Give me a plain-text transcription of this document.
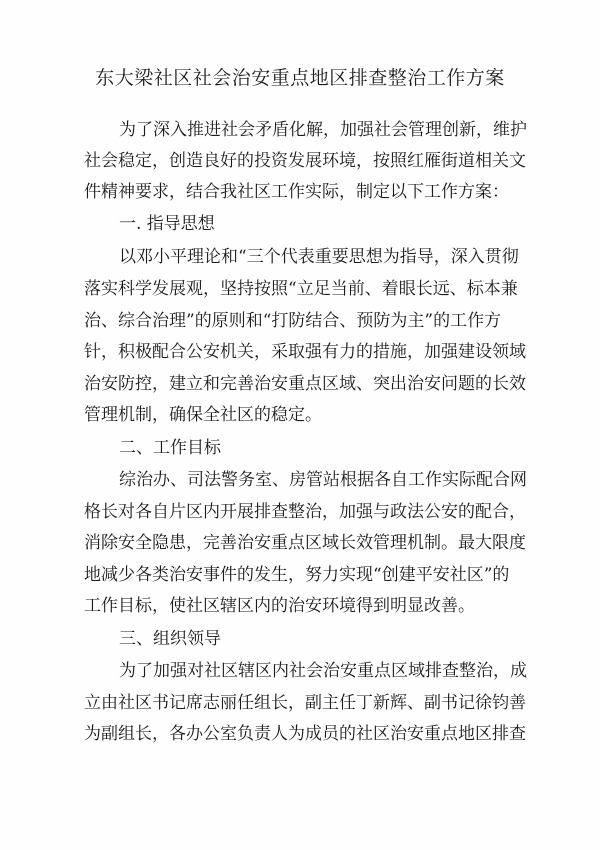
东大梁社区社会治安重点地区排查整治工作方案

为了深入推进社会矛盾化解，加强社会管理创新，维护

社会稳定，创造良好的投资发展环境，按照红雁街道相关文

件精神要求，结合我社区工作实际，制定以下工作方案：

一. 指导思想

以邓小平理论和“三个代表重要思想为指导，深入贯彻

落实科学发展观，坚持按照“立足当前、着眼长远、标本兼

治、综合治理”的原则和“打防结合、预防为主”的工作方

针，积极配合公安机关，采取强有力的措施，加强建设领域

治安防控，建立和完善治安重点区域、突出治安问题的长效

管理机制，确保全社区的稳定。

二、工作目标

综治办、司法警务室、房管站根据各自工作实际配合网

格长对各自片区内开展排查整治，加强与政法公安的配合，

消除安全隐患，完善治安重点区域长效管理机制。最大限度

地减少各类治安事件的发生，努力实现“创建平安社区”的

工作目标，使社区辖区内的治安环境得到明显改善。

三、组织领导

为了加强对社区辖区内社会治安重点区域排查整治，成

立由社区书记席志丽任组长，副主任丁新辉、副书记徐钧善

为副组长，各办公室负责人为成员的社区治安重点地区排查
